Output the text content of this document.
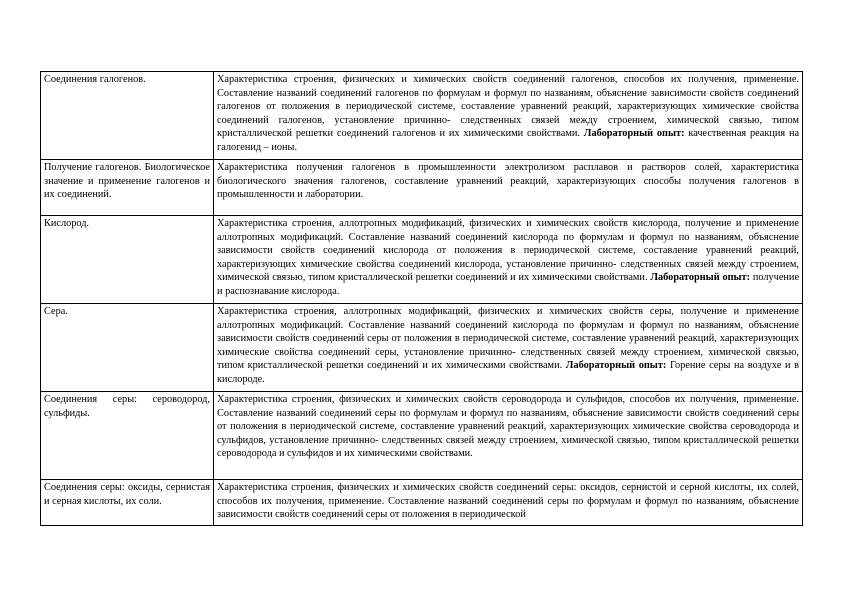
Соединения галогенов.	Характеристика строения, физических и химических свойств соединений галогенов, способов их получения, применение. Составление названий соединений галогенов по формулам и формул по названиям, объяснение зависимости свойств соединений галогенов от положения в периодической системе, составление уравнений реакций, характеризующих химические свойства соединений галогенов, установление причинно- следственных связей между строением, химической связью, типом кристаллической решетки соединений галогенов и их химическими свойствами. Лабораторный опыт: качественная реакция на галогенид – ионы.
Получение галогенов. Биологическое значение и применение галогенов и их соединений.	Характеристика получения галогенов в промышленности электролизом расплавов и растворов солей, характеристика биологического значения галогенов, составление уравнений реакций, характеризующих способы получения галогенов в промышленности и лаборатории.
Кислород.	Характеристика строения, аллотропных модификаций, физических и химических свойств кислорода, получение и применение аллотропных модификаций. Составление названий соединений кислорода по формулам и формул по названиям, объяснение зависимости свойств соединений кислорода от положения в периодической системе, составление уравнений реакций, характеризующих химические свойства соединений кислорода, установление причинно- следственных связей между строением, химической связью, типом кристаллической решетки соединений и их химическими свойствами. Лабораторный опыт: получение и распознавание кислорода.
Сера.	Характеристика строения, аллотропных модификаций, физических и химических свойств серы, получение и применение аллотропных модификаций. Составление названий соединений кислорода по формулам и формул по названиям, объяснение зависимости свойств соединений серы от положения в периодической системе, составление уравнений реакций, характеризующих химические свойства соединений серы, установление причинно- следственных связей между строением, химической связью, типом кристаллической решетки соединений и их химическими свойствами. Лабораторный опыт: Горение серы на воздухе и в кислороде.
Соединения серы: сероводород, сульфиды.	Характеристика строения, физических и химических свойств сероводорода и сульфидов, способов их получения, применение. Составление названий соединений серы по формулам и формул по названиям, объяснение зависимости свойств соединений серы от положения в периодической системе, составление уравнений реакций, характеризующих химические свойства сероводорода и сульфидов, установление причинно- следственных связей между строением, химической связью, типом кристаллической решетки сероводорода и сульфидов и их химическими свойствами.
Соединения серы: оксиды, сернистая и серная кислоты, их соли.	Характеристика строения, физических и химических свойств соединений серы: оксидов, сернистой и серной кислоты, их солей, способов их получения, применение. Составление названий соединений серы по формулам и формул по названиям, объяснение зависимости свойств соединений серы от положения в периодической
